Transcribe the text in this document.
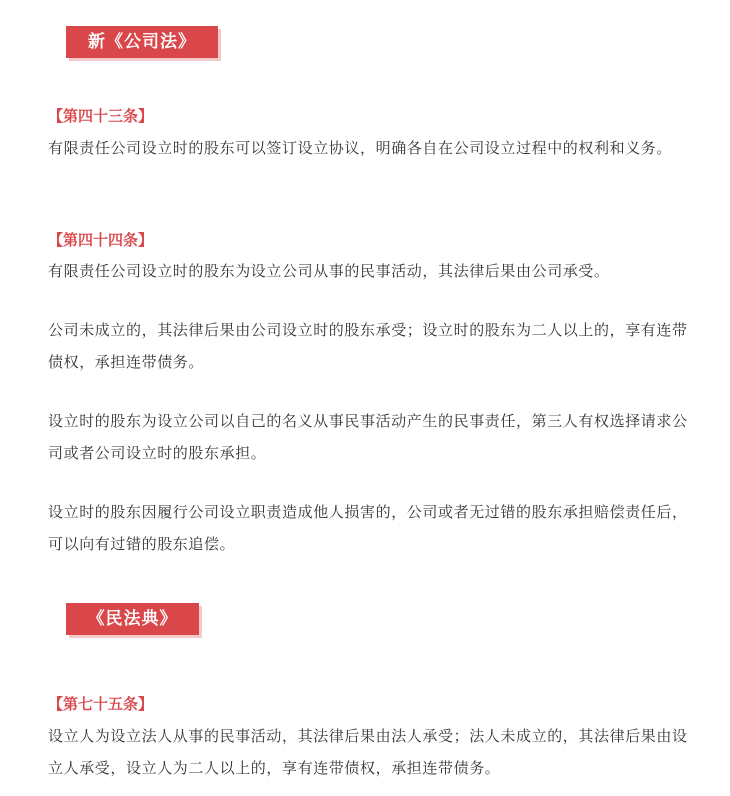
新《公司法》
【第四十三条】
有限责任公司设立时的股东可以签订设立协议，明确各自在公司设立过程中的权利和义务。
【第四十四条】
有限责任公司设立时的股东为设立公司从事的民事活动，其法律后果由公司承受。
公司未成立的，其法律后果由公司设立时的股东承受；设立时的股东为二人以上的，享有连带债权，承担连带债务。
设立时的股东为设立公司以自己的名义从事民事活动产生的民事责任，第三人有权选择请求公司或者公司设立时的股东承担。
设立时的股东因履行公司设立职责造成他人损害的，公司或者无过错的股东承担赔偿责任后，可以向有过错的股东追偿。
《民法典》
【第七十五条】
设立人为设立法人从事的民事活动，其法律后果由法人承受；法人未成立的，其法律后果由设立人承受，设立人为二人以上的，享有连带债权，承担连带债务。
